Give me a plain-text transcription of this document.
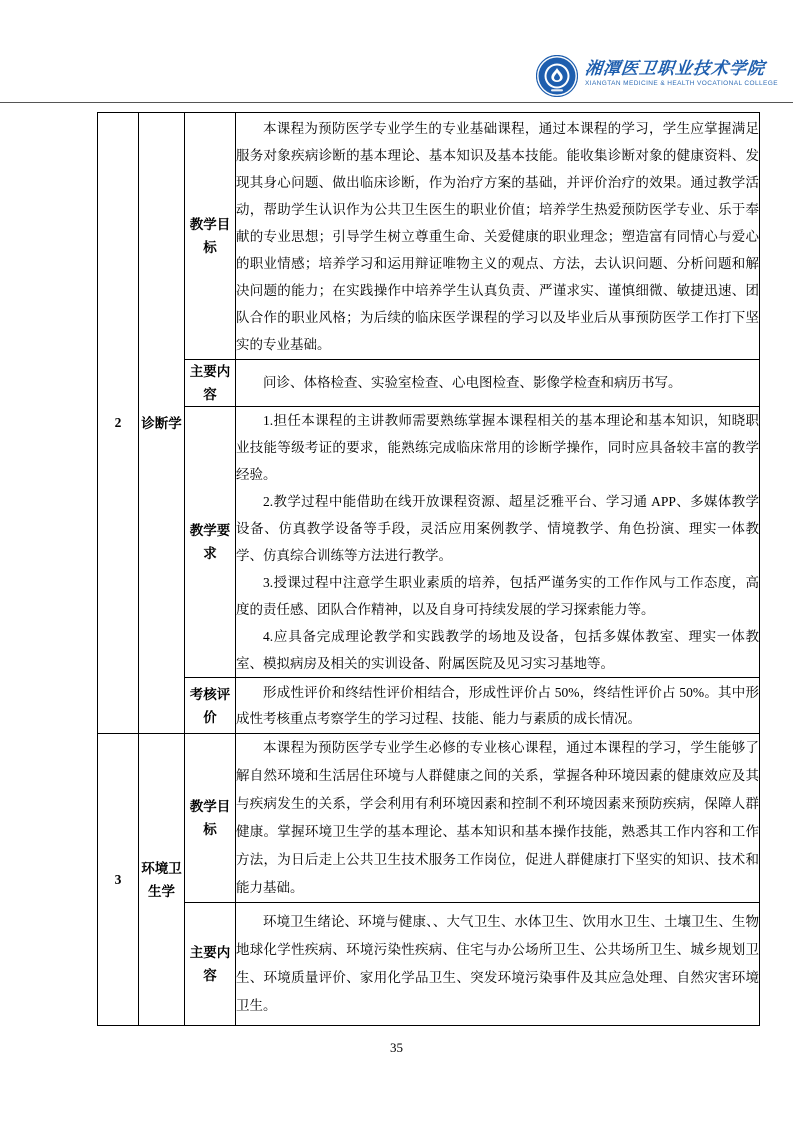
湘潭医卫职业技术学院
XIANGTAN MEDICINE & HEALTH VOCATIONAL COLLEGE
2	诊断学	教学目标	本课程为预防医学专业学生的专业基础课程，通过本课程的学习，学生应掌握满足服务对象疾病诊断的基本理论、基本知识及基本技能。能收集诊断对象的健康资料、发现其身心问题、做出临床诊断，作为治疗方案的基础，并评价治疗的效果。通过教学活动，帮助学生认识作为公共卫生医生的职业价值；培养学生热爱预防医学专业、乐于奉献的专业思想；引导学生树立尊重生命、关爱健康的职业理念；塑造富有同情心与爱心的职业情感；培养学习和运用辩证唯物主义的观点、方法，去认识问题、分析问题和解决问题的能力；在实践操作中培养学生认真负责、严谨求实、谨慎细微、敏捷迅速、团队合作的职业风格；为后续的临床医学课程的学习以及毕业后从事预防医学工作打下坚实的专业基础。

		主要内容	问诊、体格检查、实验室检查、心电图检查、影像学检查和病历书写。

		教学要求	1.担任本课程的主讲教师需要熟练掌握本课程相关的基本理论和基本知识，知晓职业技能等级考证的要求，能熟练完成临床常用的诊断学操作，同时应具备较丰富的教学经验。

2.教学过程中能借助在线开放课程资源、超星泛雅平台、学习通 APP、多媒体教学设备、仿真教学设备等手段，灵活应用案例教学、情境教学、角色扮演、理实一体教学、仿真综合训练等方法进行教学。

3.授课过程中注意学生职业素质的培养，包括严谨务实的工作作风与工作态度，高度的责任感、团队合作精神，以及自身可持续发展的学习探索能力等。

4.应具备完成理论教学和实践教学的场地及设备，包括多媒体教室、理实一体教室、模拟病房及相关的实训设备、附属医院及见习实习基地等。

		考核评价	形成性评价和终结性评价相结合，形成性评价占 50%，终结性评价占 50%。其中形成性考核重点考察学生的学习过程、技能、能力与素质的成长情况。

3	环境卫生学	教学目标	本课程为预防医学专业学生必修的专业核心课程，通过本课程的学习，学生能够了解自然环境和生活居住环境与人群健康之间的关系，掌握各种环境因素的健康效应及其与疾病发生的关系，学会利用有利环境因素和控制不利环境因素来预防疾病，保障人群健康。掌握环境卫生学的基本理论、基本知识和基本操作技能，熟悉其工作内容和工作方法，为日后走上公共卫生技术服务工作岗位，促进人群健康打下坚实的知识、技术和能力基础。

		主要内容	环境卫生绪论、环境与健康、、大气卫生、水体卫生、饮用水卫生、土壤卫生、生物地球化学性疾病、环境污染性疾病、住宅与办公场所卫生、公共场所卫生、城乡规划卫生、环境质量评价、家用化学品卫生、突发环境污染事件及其应急处理、自然灾害环境卫生。

35
